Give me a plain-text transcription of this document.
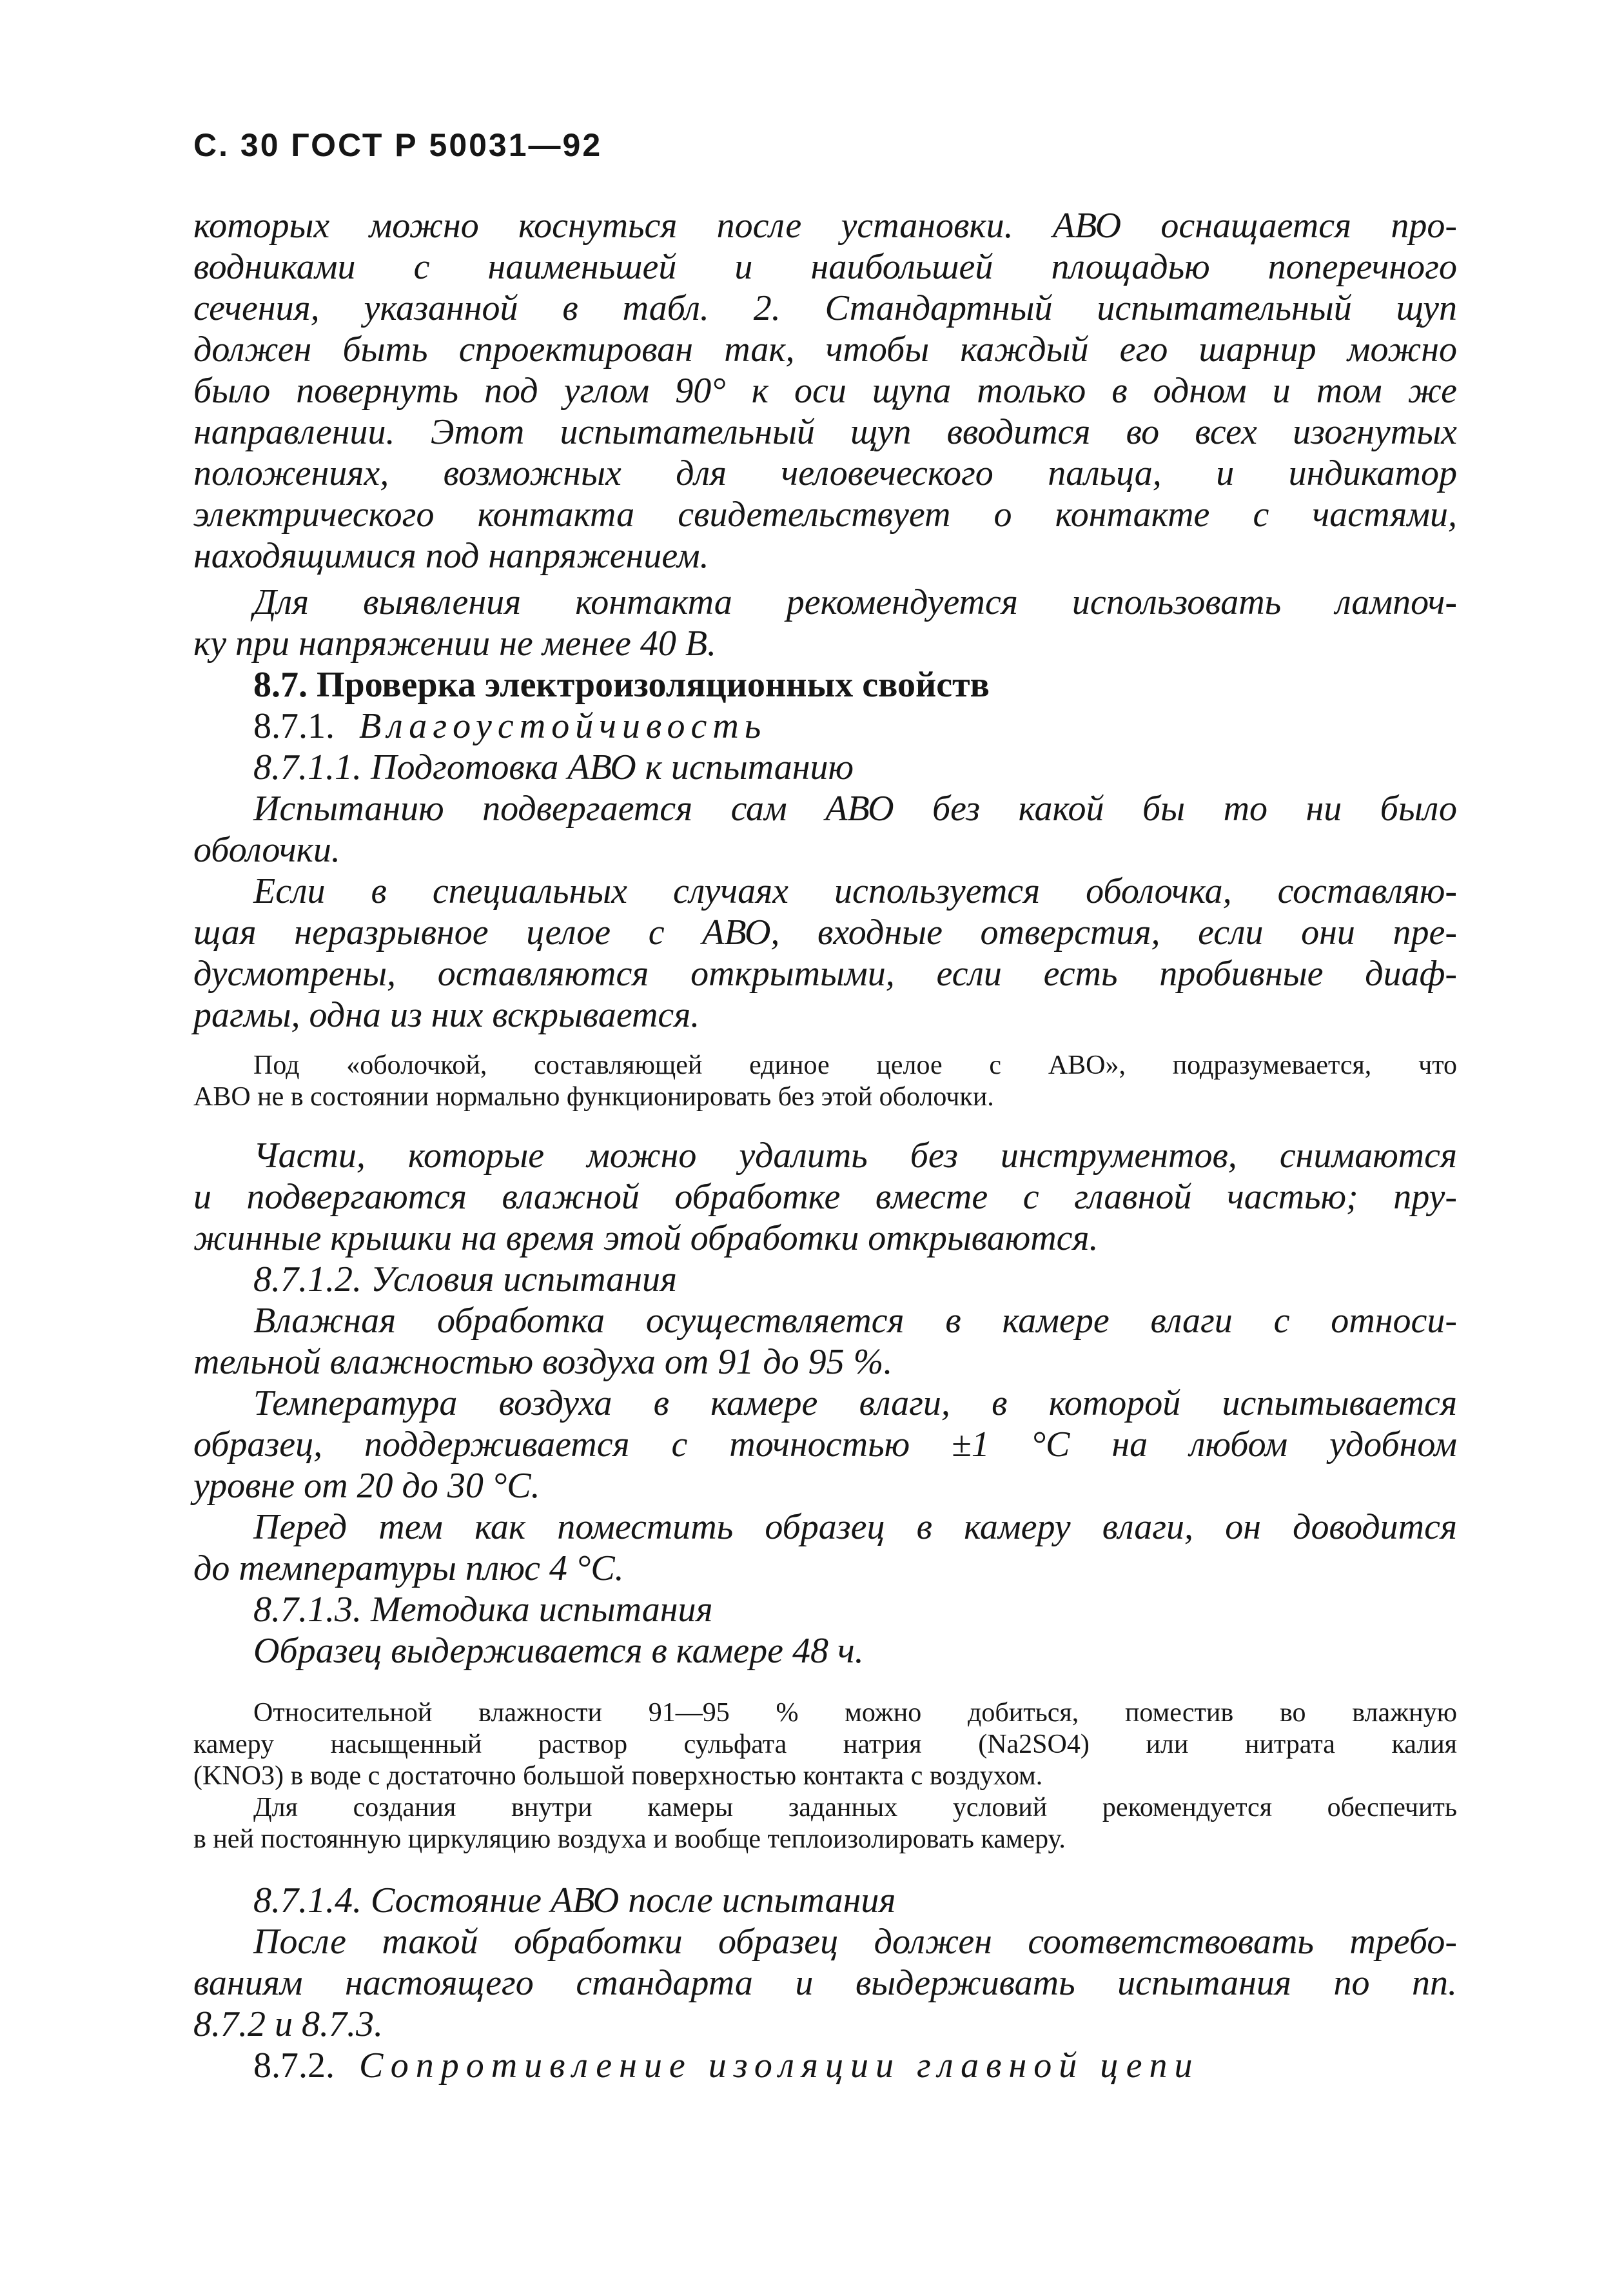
С. 30 ГОСТ Р 50031—92
которых можно коснуться после установки. АВО оснащается про-
водниками с наименьшей и наибольшей площадью поперечного
сечения, указанной в табл. 2. Стандартный испытательный щуп
должен быть спроектирован так, чтобы каждый его шарнир можно
было повернуть под углом 90° к оси щупа только в одном и том же
направлении. Этот испытательный щуп вводится во всех изогнутых
положениях, возможных для человеческого пальца, и индикатор
электрического контакта свидетельствует о контакте с частями,
находящимися под напряжением.
Для выявления контакта рекомендуется использовать лампоч-
ку при напряжении не менее 40 В.
8.7. Проверка электроизоляционных свойств
8.7.1. Влагоустойчивость
8.7.1.1. Подготовка АВО к испытанию
Испытанию подвергается сам АВО без какой бы то ни было
оболочки.
Если в специальных случаях используется оболочка, составляю-
щая неразрывное целое с АВО, входные отверстия, если они пре-
дусмотрены, оставляются открытыми, если есть пробивные диаф-
рагмы, одна из них вскрывается.
Под «оболочкой, составляющей единое целое с АВО», подразумевается, что
АВО не в состоянии нормально функционировать без этой оболочки.
Части, которые можно удалить без инструментов, снимаются
и подвергаются влажной обработке вместе с главной частью; пру-
жинные крышки на время этой обработки открываются.
8.7.1.2. Условия испытания
Влажная обработка осуществляется в камере влаги с относи-
тельной влажностью воздуха от 91 до 95 %.
Температура воздуха в камере влаги, в которой испытывается
образец, поддерживается с точностью ±1 °С на любом удобном
уровне от 20 до 30 °С.
Перед тем как поместить образец в камеру влаги, он доводится
до температуры плюс 4 °С.
8.7.1.3. Методика испытания
Образец выдерживается в камере 48 ч.
Относительной влажности 91—95 % можно добиться, поместив во влажную
камеру насыщенный раствор сульфата натрия (Na2SO4) или нитрата калия
(KNO3) в воде с достаточно большой поверхностью контакта с воздухом.
Для создания внутри камеры заданных условий рекомендуется обеспечить
в ней постоянную циркуляцию воздуха и вообще теплоизолировать камеру.
8.7.1.4. Состояние АВО после испытания
После такой обработки образец должен соответствовать требо-
ваниям настоящего стандарта и выдерживать испытания по пп.
8.7.2 и 8.7.3.
8.7.2. Сопротивление изоляции главной цепи
